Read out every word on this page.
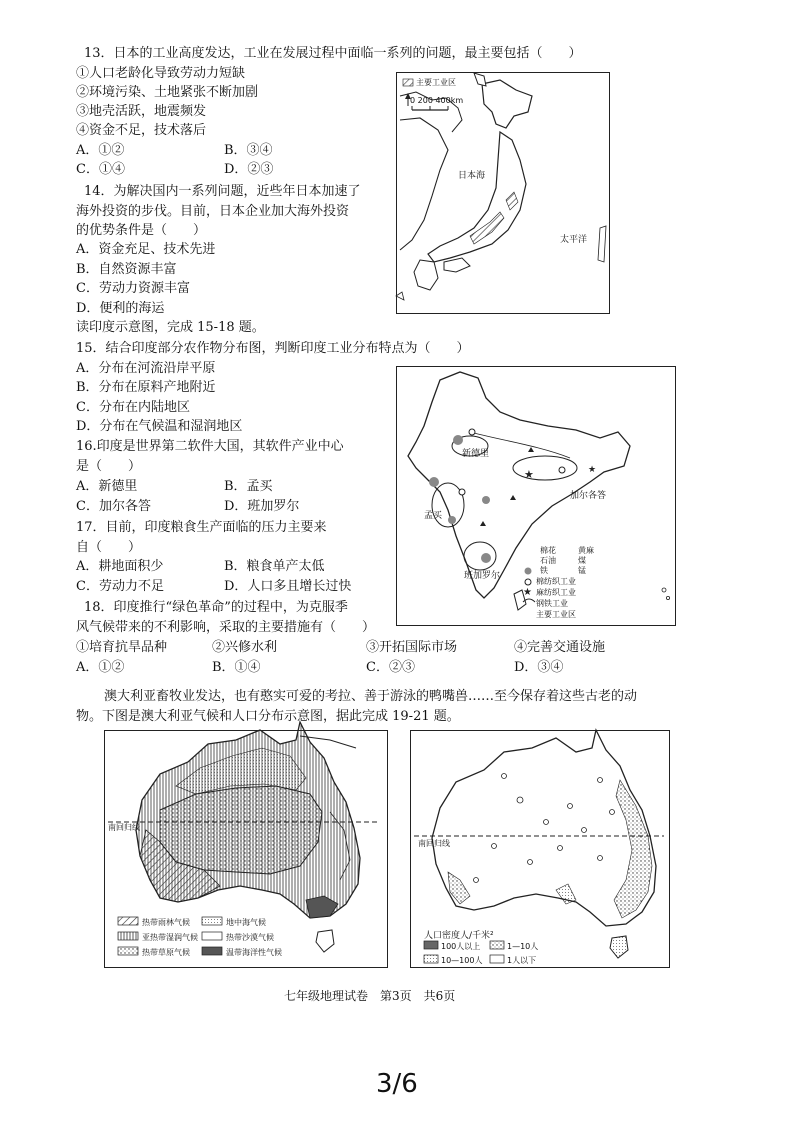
★	★
★
13．日本的工业高度发达，工业在发展过程中面临一系列的问题，最主要包括（　　）
①人口老龄化导致劳动力短缺
②环境污染、土地紧张不断加剧
③地壳活跃，地震频发
④资金不足，技术落后
A．①②	B．③④
C．①④	D．②③
14．为解决国内一系列问题，近些年日本加速了
海外投资的步伐。目前，日本企业加大海外投资
的优势条件是（　　）
A．资金充足、技术先进
B．自然资源丰富
C．劳动力资源丰富
D．便利的海运
主要工业区
0 200 400km
日本海
太平洋
读印度示意图，完成 15-18 题。
15．结合印度部分农作物分布图，判断印度工业分布特点为（　　）
A．分布在河流沿岸平原
B．分布在原料产地附近
C．分布在内陆地区
D．分布在气候温和湿润地区
16.印度是世界第二软件大国，其软件产业中心
是（　　）
A．新德里	B．孟买
C．加尔各答	D．班加罗尔
17．目前，印度粮食生产面临的压力主要来
自（　　）
A．耕地面积少	B．粮食单产太低
C．劳动力不足	D．人口多且增长过快
18．印度推行“绿色革命”的过程中，为克服季
风气候带来的不利影响，采取的主要措施有（　　）
①培育抗旱品种	②兴修水利	③开拓国际市场	④完善交通设施
A．①②	B．①④	C．②③	D．③④
新德里
加尔各答
孟买
班加罗尔
棉花	黄麻
石油	煤
铁	锰
棉纺织工业
麻纺织工业
钢铁工业
主要工业区
澳大利亚畜牧业发达，也有憨实可爱的考拉、善于游泳的鸭嘴兽……至今保存着这些古老的动
物。下图是澳大利亚气候和人口分布示意图，据此完成 19-21 题。
南回归线
热带雨林气候
亚热带湿润气候
热带草原气候
地中海气候
热带沙漠气候
温带海洋性气候
南回归线
人口密度人/千米²
100人以上	1—10人
10—100人	1人以下
七年级地理试卷　第3页　共6页
3/6
